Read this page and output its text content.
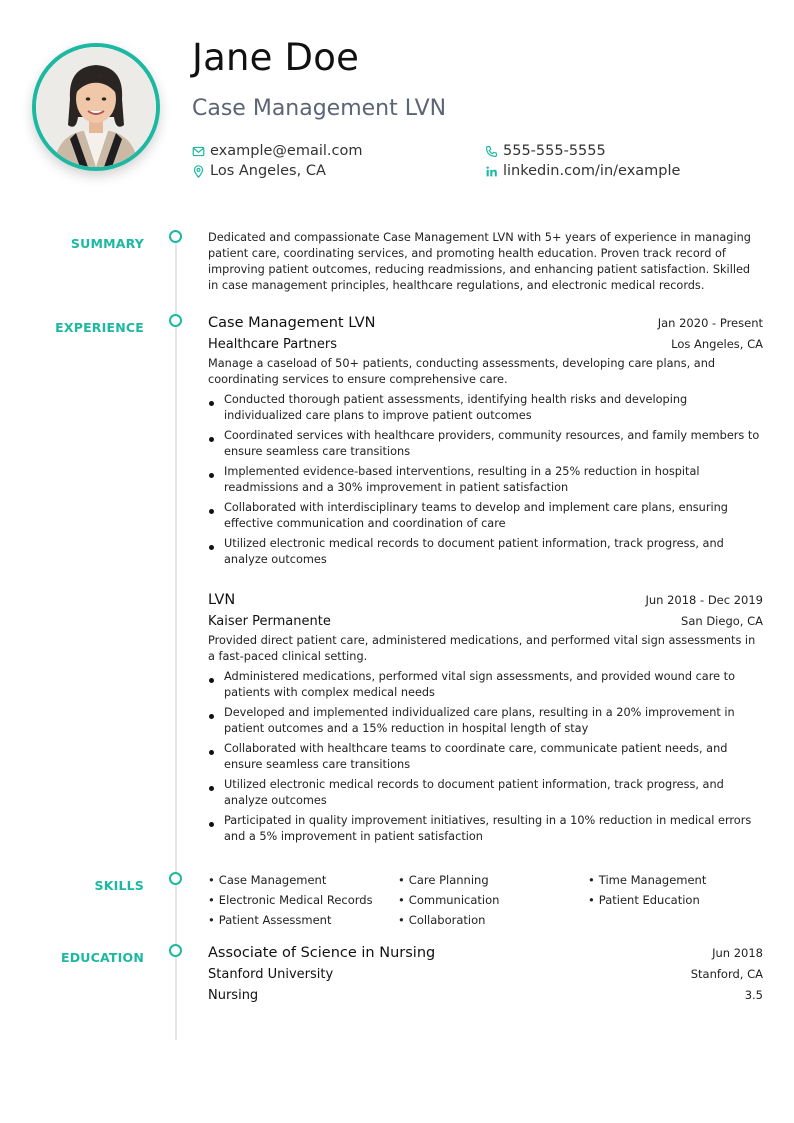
Jane Doe
Case Management LVN
example@email.com
Los Angeles, CA
555-555-5555
linkedin.com/in/example
SUMMARY	Dedicated and compassionate Case Management LVN with 5+ years of experience in managing patient care, coordinating services, and promoting health education. Proven track record of improving patient outcomes, reducing readmissions, and enhancing patient satisfaction. Skilled in case management principles, healthcare regulations, and electronic medical records.

EXPERIENCE	Case Management LVN	Jan 2020 - Present
Healthcare Partners	Los Angeles, CA

Manage a caseload of 50+ patients, conducting assessments, developing care plans, and coordinating services to ensure comprehensive care.

Conducted thorough patient assessments, identifying health risks and developing individualized care plans to improve patient outcomes
Coordinated services with healthcare providers, community resources, and family members to ensure seamless care transitions
Implemented evidence-based interventions, resulting in a 25% reduction in hospital readmissions and a 30% improvement in patient satisfaction
Collaborated with interdisciplinary teams to develop and implement care plans, ensuring effective communication and coordination of care
Utilized electronic medical records to document patient information, track progress, and analyze outcomes
LVN	Jun 2018 - Dec 2019
Kaiser Permanente	San Diego, CA

Provided direct patient care, administered medications, and performed vital sign assessments in a fast-paced clinical setting.

Administered medications, performed vital sign assessments, and provided wound care to patients with complex medical needs
Developed and implemented individualized care plans, resulting in a 20% improvement in patient outcomes and a 15% reduction in hospital length of stay
Collaborated with healthcare teams to coordinate care, communicate patient needs, and ensure seamless care transitions
Utilized electronic medical records to document patient information, track progress, and analyze outcomes
Participated in quality improvement initiatives, resulting in a 10% reduction in medical errors and a 5% improvement in patient satisfaction
SKILLS	• Case Management	• Care Planning	• Time Management
• Electronic Medical Records	• Communication	• Patient Education
• Patient Assessment	• Collaboration
EDUCATION	Associate of Science in Nursing	Jun 2018
Stanford University	Stanford, CA
Nursing	3.5
